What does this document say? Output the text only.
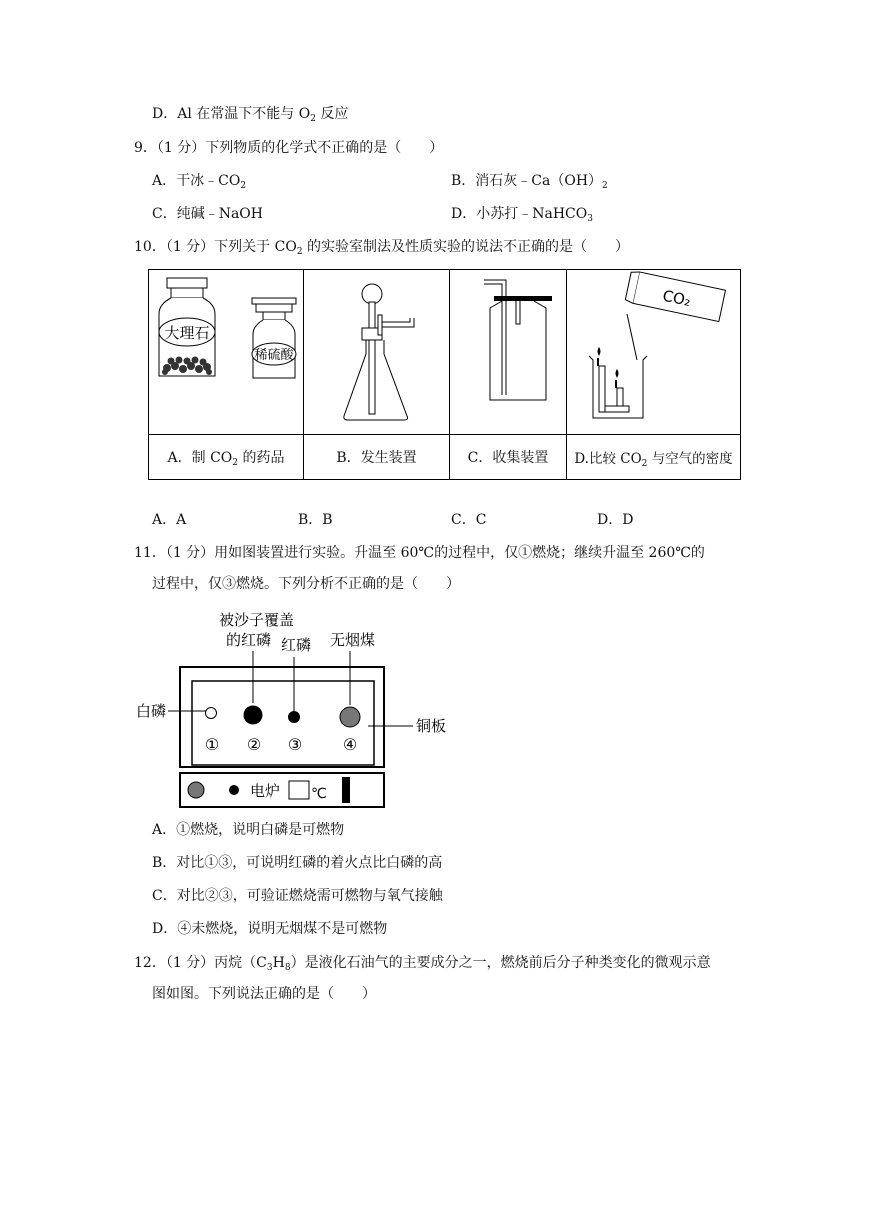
D．Al 在常温下不能与 $O_2$ 反应
9．（1 分）下列物质的化学式不正确的是（　　）
A．干冰$﹣CO_2$	B．消石灰$﹣Ca(OH)_2$
C．纯碱﹣NaOH	D．小苏打﹣NaHCO$_3$
10．（1 分）下列关于 $CO_2$ 的实验室制法及性质实验的说法不正确的是（　　）
大理石
稀硫酸			CO₂

A．制 $CO_2$ 的药品	B．发生装置	C．收集装置	D.比较 $CO_2$ 与空气的密度
A．A	B．B	C．C	D．D
11．（1 分）用如图装置进行实验。升温至 60℃的过程中，仅①燃烧；继续升温至 260℃的
过程中，仅③燃烧。下列分析不正确的是（　　）
被沙子覆盖
的红磷 红磷 无烟煤
白磷
铜板
① ② ③	④
电炉 ℃
A．①燃烧，说明白磷是可燃物
B．对比①③，可说明红磷的着火点比白磷的高
C．对比②③，可验证燃烧需可燃物与氧气接触
D．④未燃烧，说明无烟煤不是可燃物
12．（1 分）丙烷$(C_3H_8)$是液化石油气的主要成分之一，燃烧前后分子种类变化的微观示意
图如图。下列说法正确的是（　　）
